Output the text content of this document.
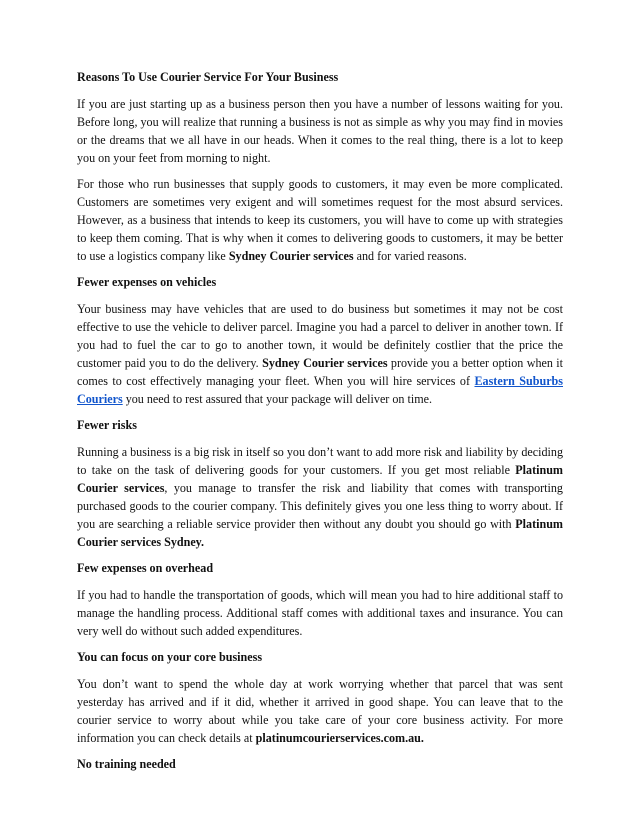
Reasons To Use Courier Service For Your Business

If you are just starting up as a business person then you have a number of lessons waiting for you. Before long, you will realize that running a business is not as simple as why you may find in movies or the dreams that we all have in our heads. When it comes to the real thing, there is a lot to keep you on your feet from morning to night.

For those who run businesses that supply goods to customers, it may even be more complicated. Customers are sometimes very exigent and will sometimes request for the most absurd services. However, as a business that intends to keep its customers, you will have to come up with strategies to keep them coming. That is why when it comes to delivering goods to customers, it may be better to use a logistics company like Sydney Courier services and for varied reasons.

Fewer expenses on vehicles

Your business may have vehicles that are used to do business but sometimes it may not be cost effective to use the vehicle to deliver parcel. Imagine you had a parcel to deliver in another town. If you had to fuel the car to go to another town, it would be definitely costlier that the price the customer paid you to do the delivery. Sydney Courier services provide you a better option when it comes to cost effectively managing your fleet. When you will hire services of Eastern Suburbs Couriers you need to rest assured that your package will deliver on time.

Fewer risks

Running a business is a big risk in itself so you don’t want to add more risk and liability by deciding to take on the task of delivering goods for your customers. If you get most reliable Platinum Courier services, you manage to transfer the risk and liability that comes with transporting purchased goods to the courier company. This definitely gives you one less thing to worry about. If you are searching a reliable service provider then without any doubt you should go with Platinum Courier services Sydney.

Few expenses on overhead

If you had to handle the transportation of goods, which will mean you had to hire additional staff to manage the handling process. Additional staff comes with additional taxes and insurance. You can very well do without such added expenditures.

You can focus on your core business

You don’t want to spend the whole day at work worrying whether that parcel that was sent yesterday has arrived and if it did, whether it arrived in good shape. You can leave that to the courier service to worry about while you take care of your core business activity. For more information you can check details at platinumcourierservices.com.au.

No training needed
